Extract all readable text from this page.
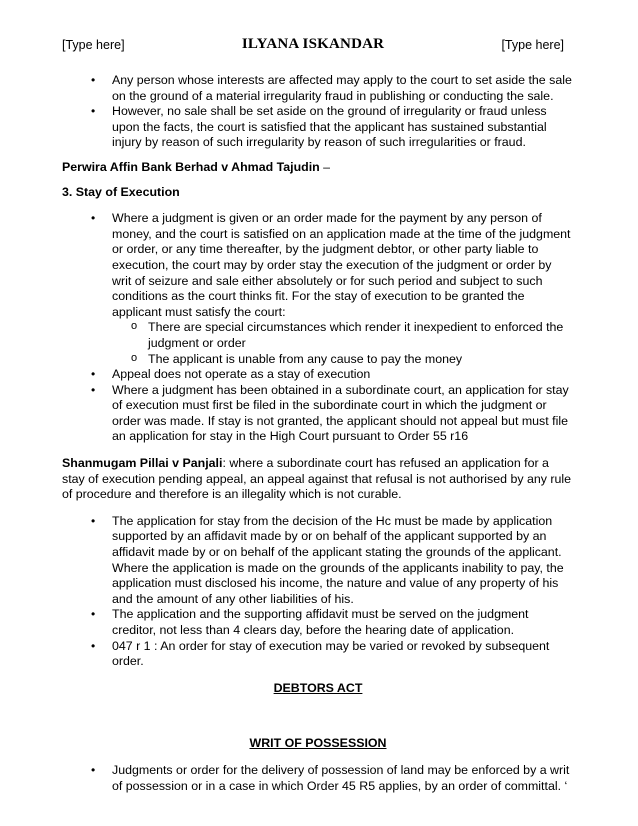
[Type here]	ILYANA ISKANDAR	[Type here]
• Any person whose interests are affected may apply to the court to set aside the sale on the ground of a material irregularity fraud in publishing or conducting the sale.
• However, no sale shall be set aside on the ground of irregularity or fraud unless upon the facts, the court is satisfied that the applicant has sustained substantial injury by reason of such irregularity by reason of such irregularities or fraud.

Perwira Affin Bank Berhad v Ahmad Tajudin –

3. Stay of Execution

• Where a judgment is given or an order made for the payment by any person of money, and the court is satisfied on an application made at the time of the judgment or order, or any time thereafter, by the judgment debtor, or other party liable to execution, the court may by order stay the execution of the judgment or order by writ of seizure and sale either absolutely or for such period and subject to such conditions as the court thinks fit. For the stay of execution to be granted the applicant must satisfy the court:
o There are special circumstances which render it inexpedient to enforced the judgment or order
o The applicant is unable from any cause to pay the money
• Appeal does not operate as a stay of execution
• Where a judgment has been obtained in a subordinate court, an application for stay of execution must first be filed in the subordinate court in which the judgment or order was made. If stay is not granted, the applicant should not appeal but must file an application for stay in the High Court pursuant to Order 55 r16

Shanmugam Pillai v Panjali: where a subordinate court has refused an application for a stay of execution pending appeal, an appeal against that refusal is not authorised by any rule of procedure and therefore is an illegality which is not curable.

• The application for stay from the decision of the Hc must be made by application supported by an affidavit made by or on behalf of the applicant supported by an affidavit made by or on behalf of the applicant stating the grounds of the applicant. Where the application is made on the grounds of the applicants inability to pay, the application must disclosed his income, the nature and value of any property of his and the amount of any other liabilities of his.
• The application and the supporting affidavit must be served on the judgment creditor, not less than 4 clears day, before the hearing date of application.
• 047 r 1 : An order for stay of execution may be varied or revoked by subsequent order.

DEBTORS ACT

WRIT OF POSSESSION

• Judgments or order for the delivery of possession of land may be enforced by a writ of possession or in a case in which Order 45 R5 applies, by an order of committal. ‘
